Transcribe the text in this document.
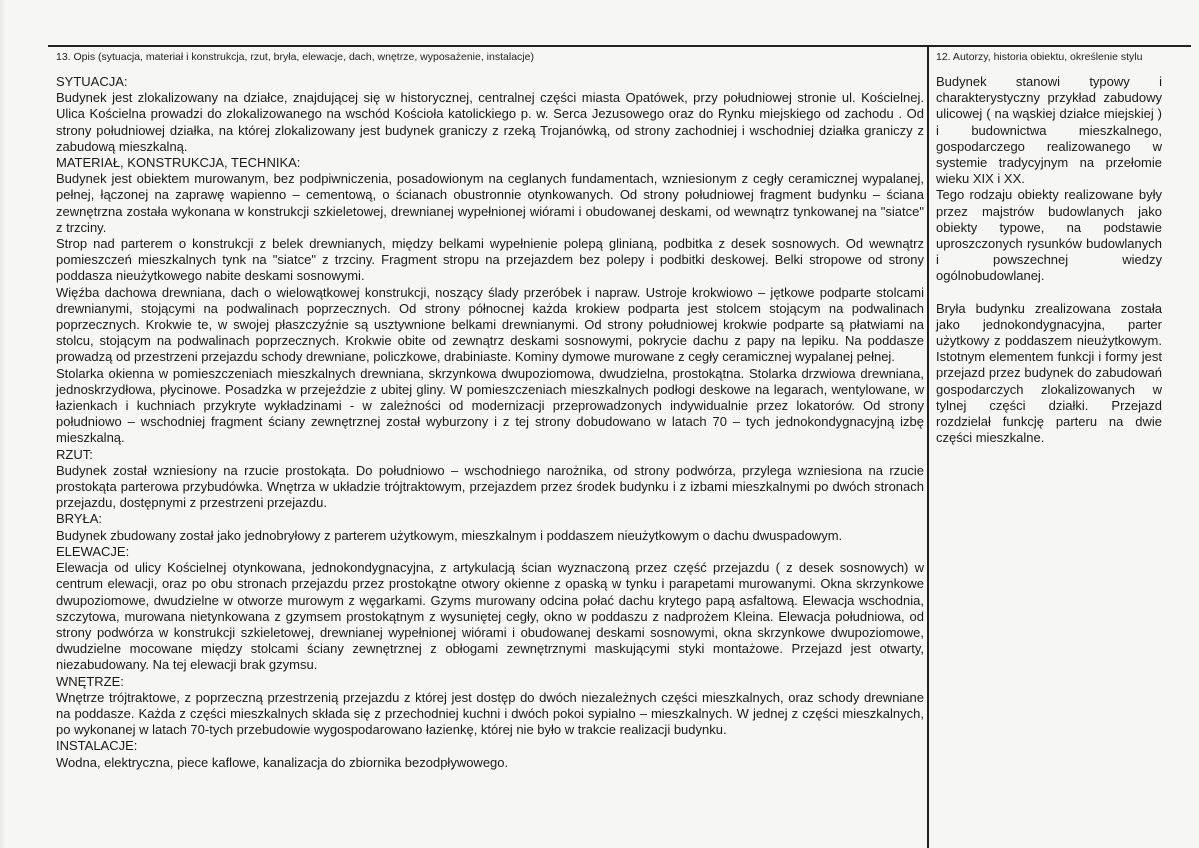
13. Opis (sytuacja, materiał i konstrukcja, rzut, bryła, elewacje, dach, wnętrze, wyposażenie, instalacje)	12. Autorzy, historia obiektu, określenie stylu
SYTUACJA:

Budynek jest zlokalizowany na działce, znajdującej się w historycznej, centralnej części miasta Opatówek, przy południowej stronie ul. Kościelnej. Ulica Kościelna prowadzi do zlokalizowanego na wschód Kościoła katolickiego p. w. Serca Jezusowego oraz do Rynku miejskiego od zachodu . Od strony południowej działka, na której zlokalizowany jest budynek graniczy z rzeką Trojanówką, od strony zachodniej i wschodniej działka graniczy z zabudową mieszkalną.

MATERIAŁ, KONSTRUKCJA, TECHNIKA:

Budynek jest obiektem murowanym, bez podpiwniczenia, posadowionym na ceglanych fundamentach, wzniesionym z cegły ceramicznej wypalanej, pełnej, łączonej na zaprawę wapienno – cementową, o ścianach obustronnie otynkowanych. Od strony południowej fragment budynku – ściana zewnętrzna została wykonana w konstrukcji szkieletowej, drewnianej wypełnionej wiórami i obudowanej deskami, od wewnątrz tynkowanej na "siatce" z trzciny.

Strop nad parterem o konstrukcji z belek drewnianych, między belkami wypełnienie polepą glinianą, podbitka z desek sosnowych. Od wewnątrz pomieszczeń mieszkalnych tynk na "siatce" z trzciny. Fragment stropu na przejazdem bez polepy i podbitki deskowej. Belki stropowe od strony poddasza nieużytkowego nabite deskami sosnowymi.

Więźba dachowa drewniana, dach o wielowątkowej konstrukcji, noszący ślady przeróbek i napraw. Ustroje krokwiowo – jętkowe podparte stolcami drewnianymi, stojącymi na podwalinach poprzecznych. Od strony północnej każda krokiew podparta jest stolcem stojącym na podwalinach poprzecznych. Krokwie te, w swojej płaszczyźnie są usztywnione belkami drewnianymi. Od strony południowej krokwie podparte są płatwiami na stolcu, stojącym na podwalinach poprzecznych. Krokwie obite od zewnątrz deskami sosnowymi, pokrycie dachu z papy na lepiku. Na poddasze prowadzą od przestrzeni przejazdu schody drewniane, policzkowe, drabiniaste. Kominy dymowe murowane z cegły ceramicznej wypalanej pełnej.

Stolarka okienna w pomieszczeniach mieszkalnych drewniana, skrzynkowa dwupoziomowa, dwudzielna, prostokątna. Stolarka drzwiowa drewniana, jednoskrzydłowa, płycinowe. Posadzka w przejeździe z ubitej gliny. W pomieszczeniach mieszkalnych podłogi deskowe na legarach, wentylowane, w łazienkach i kuchniach przykryte wykładzinami - w zależności od modernizacji przeprowadzonych indywidualnie przez lokatorów. Od strony południowo – wschodniej fragment ściany zewnętrznej został wyburzony i z tej strony dobudowano w latach 70 – tych jednokondygnacyjną izbę mieszkalną.

RZUT:

Budynek został wzniesiony na rzucie prostokąta. Do południowo – wschodniego narożnika, od strony podwórza, przylega wzniesiona na rzucie prostokąta parterowa przybudówka. Wnętrza w układzie trójtraktowym, przejazdem przez środek budynku i z izbami mieszkalnymi po dwóch stronach przejazdu, dostępnymi z przestrzeni przejazdu.

BRYŁA:

Budynek zbudowany został jako jednobryłowy z parterem użytkowym, mieszkalnym i poddaszem nieużytkowym o dachu dwuspadowym.

ELEWACJE:

Elewacja od ulicy Kościelnej otynkowana, jednokondygnacyjna, z artykulacją ścian wyznaczoną przez część przejazdu ( z desek sosnowych) w centrum elewacji, oraz po obu stronach przejazdu przez prostokątne otwory okienne z opaską w tynku i parapetami murowanymi. Okna skrzynkowe dwupoziomowe, dwudzielne w otworze murowym z węgarkami. Gzyms murowany odcina połać dachu krytego papą asfaltową. Elewacja wschodnia, szczytowa, murowana nietynkowana z gzymsem prostokątnym z wysuniętej cegły, okno w poddaszu z nadprożem Kleina. Elewacja południowa, od strony podwórza w konstrukcji szkieletowej, drewnianej wypełnionej wiórami i obudowanej deskami sosnowymi, okna skrzynkowe dwupoziomowe, dwudzielne mocowane między stolcami ściany zewnętrznej z obłogami zewnętrznymi maskującymi styki montażowe. Przejazd jest otwarty, niezabudowany. Na tej elewacji brak gzymsu.

WNĘTRZE:

Wnętrze trójtraktowe, z poprzeczną przestrzenią przejazdu z której jest dostęp do dwóch niezależnych części mieszkalnych, oraz schody drewniane na poddasze. Każda z części mieszkalnych składa się z przechodniej kuchni i dwóch pokoi sypialno – mieszkalnych. W jednej z części mieszkalnych, po wykonanej w latach 70-tych przebudowie wygospodarowano łazienkę, której nie było w trakcie realizacji budynku.

INSTALACJE:

Wodna, elektryczna, piece kaflowe, kanalizacja do zbiornika bezodpływowego.

Budynek stanowi typowy i charakterystyczny przykład zabudowy ulicowej ( na wąskiej działce miejskiej ) i budownictwa mieszkalnego, gospodarczego realizowanego w systemie tradycyjnym na przełomie wieku XIX i XX.

Tego rodzaju obiekty realizowane były przez majstrów budowlanych jako obiekty typowe, na podstawie uproszczonych rysunków budowlanych i powszechnej wiedzy ogólnobudowlanej.

Bryła budynku zrealizowana została jako jednokondygnacyjna, parter użytkowy z poddaszem nieużytkowym. Istotnym elementem funkcji i formy jest przejazd przez budynek do zabudowań gospodarczych zlokalizowanych w tylnej części działki. Przejazd rozdzielał funkcję parteru na dwie części mieszkalne.
